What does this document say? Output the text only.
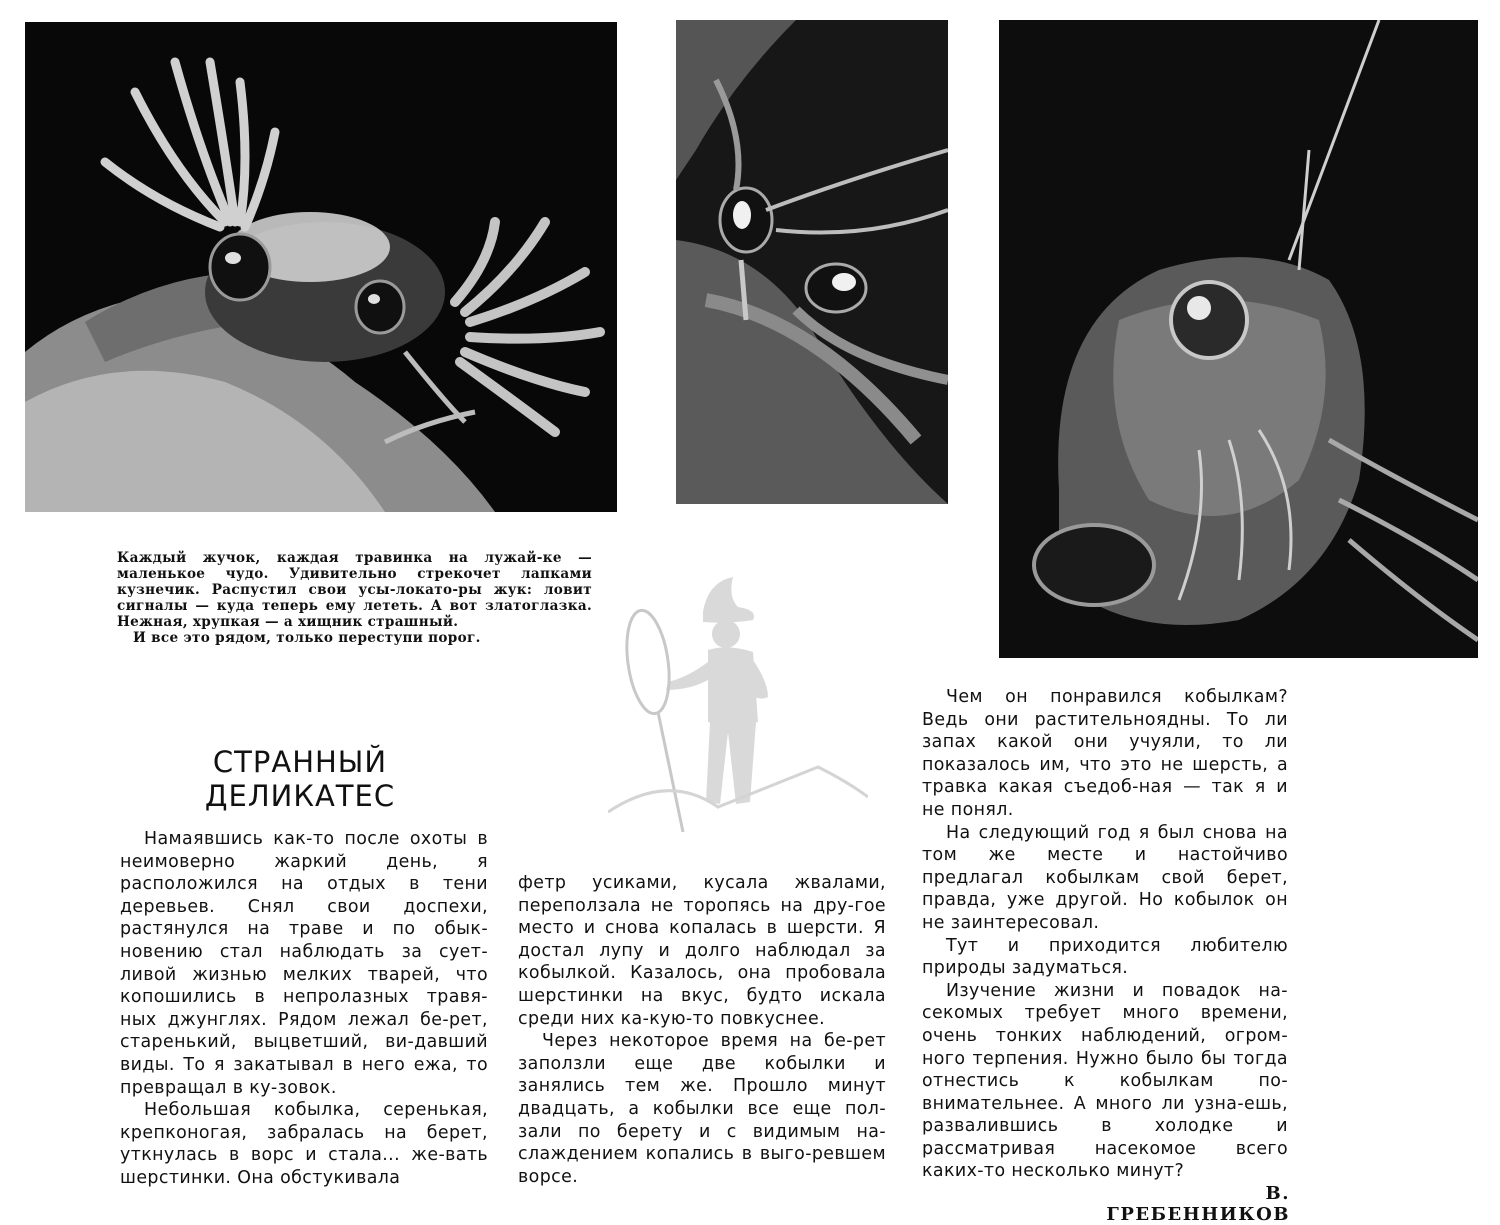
Каждый жучок, каждая травинка на лужай-ке — маленькое чудо. Удивительно стрекочет лапками кузнечик. Распустил свои усы-локато-ры жук: ловит сигналы — куда теперь ему лететь. А вот златоглазка. Нежная, хрупкая — а хищник страшный.

И все это рядом, только переступи порог.

СТРАННЫЙ
ДЕЛИКАТЕС

Намаявшись как-то после охоты в неимоверно жаркий день, я расположился на отдых в тени деревьев. Снял свои доспехи, растянулся на траве и по обык-новению стал наблюдать за сует-ливой жизнью мелких тварей, что копошились в непролазных травя-ных джунглях. Рядом лежал бе-рет, старенький, выцветший, ви-давший виды. То я закатывал в него ежа, то превращал в ку-зовок.

Небольшая кобылка, серенькая, крепконогая, забралась на берет, уткнулась в ворс и стала... же-вать шерстинки. Она обстукивала

фетр усиками, кусала жвалами, переползала не торопясь на дру-гое место и снова копалась в шерсти. Я достал лупу и долго наблюдал за кобылкой. Казалось, она пробовала шерстинки на вкус, будто искала среди них ка-кую-то повкуснее.

Через некоторое время на бе-рет заползли еще две кобылки и занялись тем же. Прошло минут двадцать, а кобылки все еще пол-зали по берету и с видимым на-слаждением копались в выго-ревшем ворсе.

Чем он понравился кобылкам? Ведь они растительноядны. То ли запах какой они учуяли, то ли показалось им, что это не шерсть, а травка какая съедоб-ная — так я и не понял.

На следующий год я был снова на том же месте и настойчиво предлагал кобылкам свой берет, правда, уже другой. Но кобылок он не заинтересовал.

Тут и приходится любителю природы задуматься.

Изучение жизни и повадок на-секомых требует много времени, очень тонких наблюдений, огром-ного терпения. Нужно было бы тогда отнестись к кобылкам по-внимательнее. А много ли узна-ешь, развалившись в холодке и рассматривая насекомое всего каких-то несколько минут?

В. ГРЕБЕННИКОВ
